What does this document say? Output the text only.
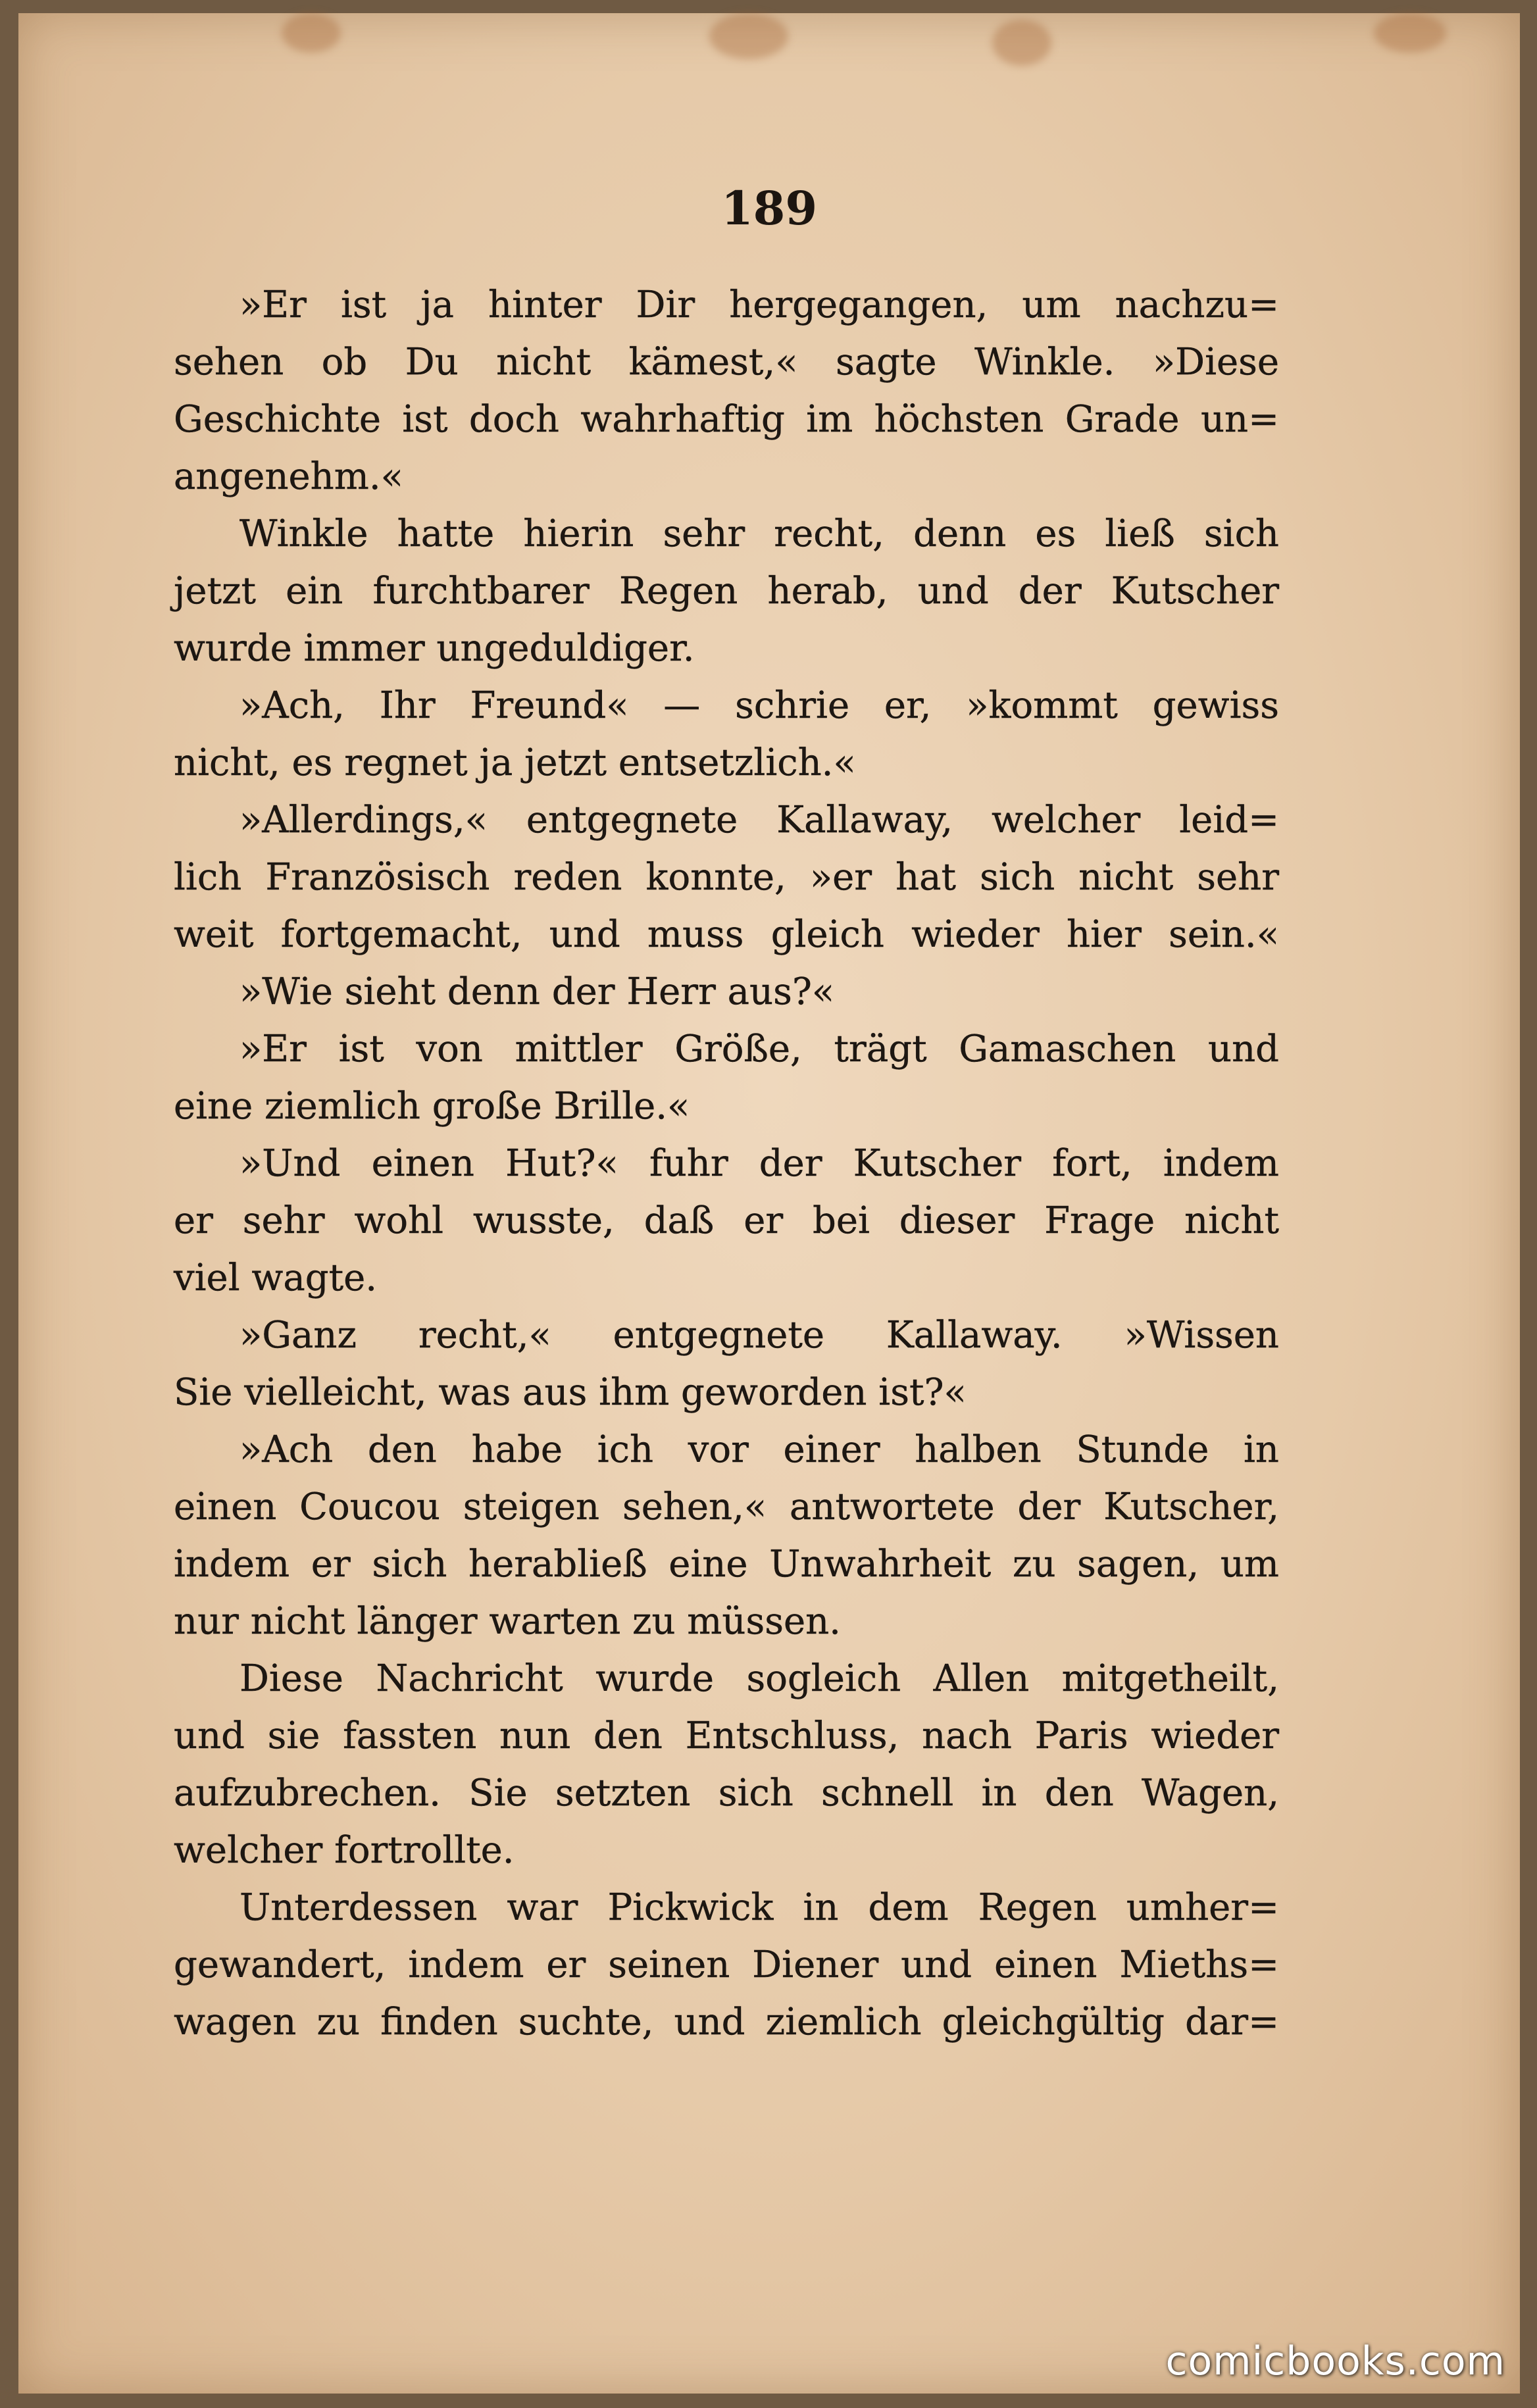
189
»Er ist ja hinter Dir hergegangen, um nachzu=
sehen ob Du nicht kämest,« sagte Winkle. »Diese
Geschichte ist doch wahrhaftig im höchsten Grade un=
angenehm.«
Winkle hatte hierin sehr recht, denn es ließ sich
jetzt ein furchtbarer Regen herab, und der Kutscher
wurde immer ungeduldiger.
»Ach, Ihr Freund« — schrie er, »kommt gewiss
nicht, es regnet ja jetzt entsetzlich.«
»Allerdings,« entgegnete Kallaway, welcher leid=
lich Französisch reden konnte, »er hat sich nicht sehr
weit fortgemacht, und muss gleich wieder hier sein.«
»Wie sieht denn der Herr aus?«
»Er ist von mittler Größe, trägt Gamaschen und
eine ziemlich große Brille.«
»Und einen Hut?« fuhr der Kutscher fort, indem
er sehr wohl wusste, daß er bei dieser Frage nicht
viel wagte.
»Ganz recht,« entgegnete Kallaway. »Wissen
Sie vielleicht, was aus ihm geworden ist?«
»Ach den habe ich vor einer halben Stunde in
einen Coucou steigen sehen,« antwortete der Kutscher,
indem er sich herabließ eine Unwahrheit zu sagen, um
nur nicht länger warten zu müssen.
Diese Nachricht wurde sogleich Allen mitgetheilt,
und sie fassten nun den Entschluss, nach Paris wieder
aufzubrechen. Sie setzten sich schnell in den Wagen,
welcher fortrollte.
Unterdessen war Pickwick in dem Regen umher=
gewandert, indem er seinen Diener und einen Mieths=
wagen zu finden suchte, und ziemlich gleichgültig dar=
comicbooks.com
